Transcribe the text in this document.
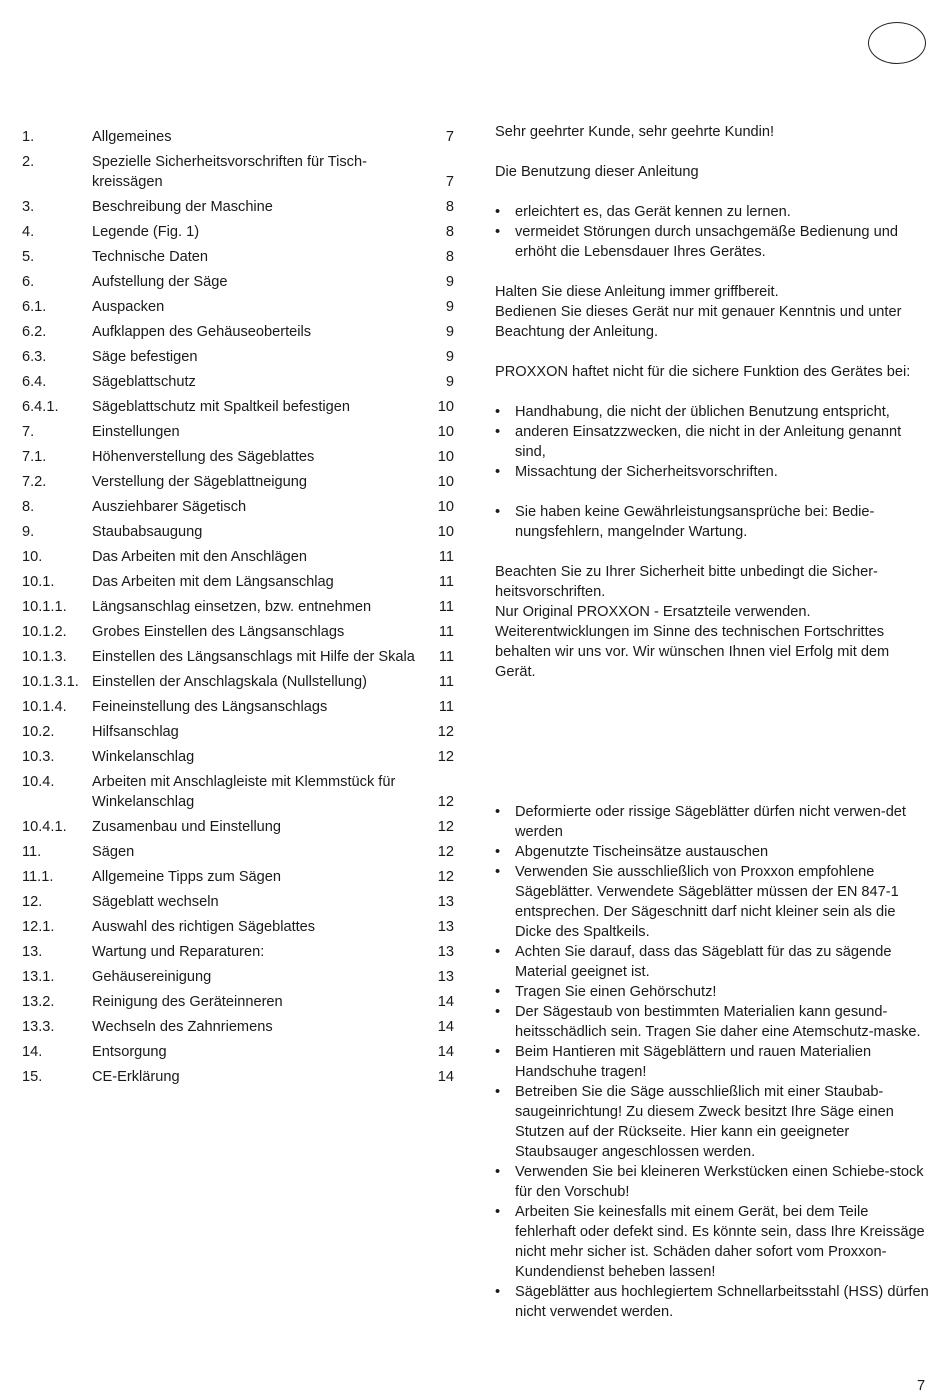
1.	Allgemeines	7
2.	Spezielle Sicherheitsvorschriften für Tisch-kreissägen	7
3.	Beschreibung der Maschine	8
4.	Legende (Fig. 1)	8
5.	Technische Daten	8
6.	Aufstellung der Säge	9
6.1.	Auspacken	9
6.2.	Aufklappen des Gehäuseoberteils	9
6.3.	Säge befestigen	9
6.4.	Sägeblattschutz	9
6.4.1.	Sägeblattschutz mit Spaltkeil befestigen	10
7.	Einstellungen	10
7.1.	Höhenverstellung des Sägeblattes	10
7.2.	Verstellung der Sägeblattneigung	10
8.	Ausziehbarer Sägetisch	10
9.	Staubabsaugung	10
10.	Das Arbeiten mit den Anschlägen	11
10.1.	Das Arbeiten mit dem Längsanschlag	11
10.1.1.	Längsanschlag einsetzen, bzw. entnehmen	11
10.1.2.	Grobes Einstellen des Längsanschlags	11
10.1.3.	Einstellen des Längsanschlags mit Hilfe der Skala	11
10.1.3.1. Einstellen der Anschlagskala (Nullstellung)	11
10.1.4.	Feineinstellung des Längsanschlags	11
10.2.	Hilfsanschlag	12
10.3.	Winkelanschlag	12
10.4.	Arbeiten mit Anschlagleiste mit Klemmstück für Winkelanschlag	12
10.4.1.	Zusamenbau und Einstellung	12
11.	Sägen	12
11.1.	Allgemeine Tipps zum Sägen	12
12.	Sägeblatt wechseln	13
12.1.	Auswahl des richtigen Sägeblattes	13
13.	Wartung und Reparaturen:	13
13.1.	Gehäusereinigung	13
13.2.	Reinigung des Geräteinneren	14
13.3.	Wechseln des Zahnriemens	14
14.	Entsorgung	14
15.	CE-Erklärung	14

Sehr geehrter Kunde, sehr geehrte Kundin!

Die Benutzung dieser Anleitung

• erleichtert es, das Gerät kennen zu lernen.
• vermeidet Störungen durch unsachgemäße Bedienung und erhöht die Lebensdauer Ihres Gerätes.

Halten Sie diese Anleitung immer griffbereit.

Bedienen Sie dieses Gerät nur mit genauer Kenntnis und unter Beachtung der Anleitung.

PROXXON haftet nicht für die sichere Funktion des Gerätes bei:

• Handhabung, die nicht der üblichen Benutzung entspricht,
• anderen Einsatzzwecken, die nicht in der Anleitung genannt sind,
• Missachtung der Sicherheitsvorschriften.
• Sie haben keine Gewährleistungsansprüche bei: Bedie-nungsfehlern, mangelnder Wartung.

Beachten Sie zu Ihrer Sicherheit bitte unbedingt die Sicher-heitsvorschriften.

Nur Original PROXXON - Ersatzteile verwenden.

Weiterentwicklungen im Sinne des technischen Fortschrittes behalten wir uns vor. Wir wünschen Ihnen viel Erfolg mit dem Gerät.

• Deformierte oder rissige Sägeblätter dürfen nicht verwen-det werden
• Abgenutzte Tischeinsätze austauschen
• Verwenden Sie ausschließlich von Proxxon empfohlene Sägeblätter. Verwendete Sägeblätter müssen der EN 847-1 entsprechen. Der Sägeschnitt darf nicht kleiner sein als die Dicke des Spaltkeils.
• Achten Sie darauf, dass das Sägeblatt für das zu sägende Material geeignet ist.
• Tragen Sie einen Gehörschutz!
• Der Sägestaub von bestimmten Materialien kann gesund-heitsschädlich sein. Tragen Sie daher eine Atemschutz-maske.
• Beim Hantieren mit Sägeblättern und rauen Materialien Handschuhe tragen!
• Betreiben Sie die Säge ausschließlich mit einer Staubab-saugeinrichtung! Zu diesem Zweck besitzt Ihre Säge einen Stutzen auf der Rückseite. Hier kann ein geeigneter Staubsauger angeschlossen werden.
• Verwenden Sie bei kleineren Werkstücken einen Schiebe-stock für den Vorschub!
• Arbeiten Sie keinesfalls mit einem Gerät, bei dem Teile fehlerhaft oder defekt sind. Es könnte sein, dass Ihre Kreissäge nicht mehr sicher ist. Schäden daher sofort vom Proxxon-Kundendienst beheben lassen!
• Sägeblätter aus hochlegiertem Schnellarbeitsstahl (HSS) dürfen nicht verwendet werden.
7
